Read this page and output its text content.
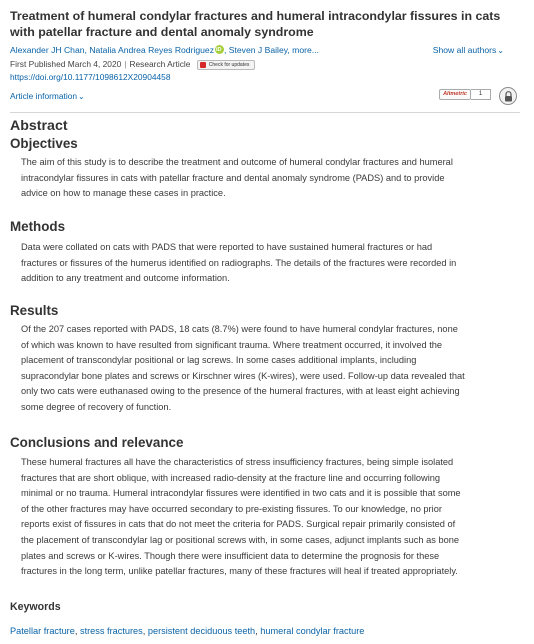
Treatment of humeral condylar fractures and humeral intracondylar fissures in cats with patellar fracture and dental anomaly syndrome
Alexander JH Chan, Natalia Andrea Reyes RodrigueziD , Steven J Bailey, more...	Show all authors⌄
First Published March 4, 2020 | Research Article	Check for updates
https://doi.org/10.1177/1098612X20904458
Article information⌄	Altmetric	1
Abstract
Objectives
The aim of this study is to describe the treatment and outcome of humeral condylar fractures and humeral
intracondylar fissures in cats with patellar fracture and dental anomaly syndrome (PADS) and to provide
advice on how to manage these cases in practice.
Methods
Data were collated on cats with PADS that were reported to have sustained humeral fractures or had
fractures or fissures of the humerus identified on radiographs. The details of the fractures were recorded in
addition to any treatment and outcome information.
Results
Of the 207 cases reported with PADS, 18 cats (8.7%) were found to have humeral condylar fractures, none
of which was known to have resulted from significant trauma. Where treatment occurred, it involved the
placement of transcondylar positional or lag screws. In some cases additional implants, including
supracondylar bone plates and screws or Kirschner wires (K-wires), were used. Follow-up data revealed that
only two cats were euthanased owing to the presence of the humeral fractures, with at least eight achieving
some degree of recovery of function.
Conclusions and relevance
These humeral fractures all have the characteristics of stress insufficiency fractures, being simple isolated
fractures that are short oblique, with increased radio-density at the fracture line and occurring following
minimal or no trauma. Humeral intracondylar fissures were identified in two cats and it is possible that some
of the other fractures may have occurred secondary to pre-existing fissures. To our knowledge, no prior
reports exist of fissures in cats that do not meet the criteria for PADS. Surgical repair primarily consisted of
the placement of transcondylar lag or positional screws with, in some cases, adjunct implants such as bone
plates and screws or K-wires. Though there were insufficient data to determine the prognosis for these
fractures in the long term, unlike patellar fractures, many of these fractures will heal if treated appropriately.
Keywords
Patellar fracture, stress fractures, persistent deciduous teeth, humeral condylar fracture
